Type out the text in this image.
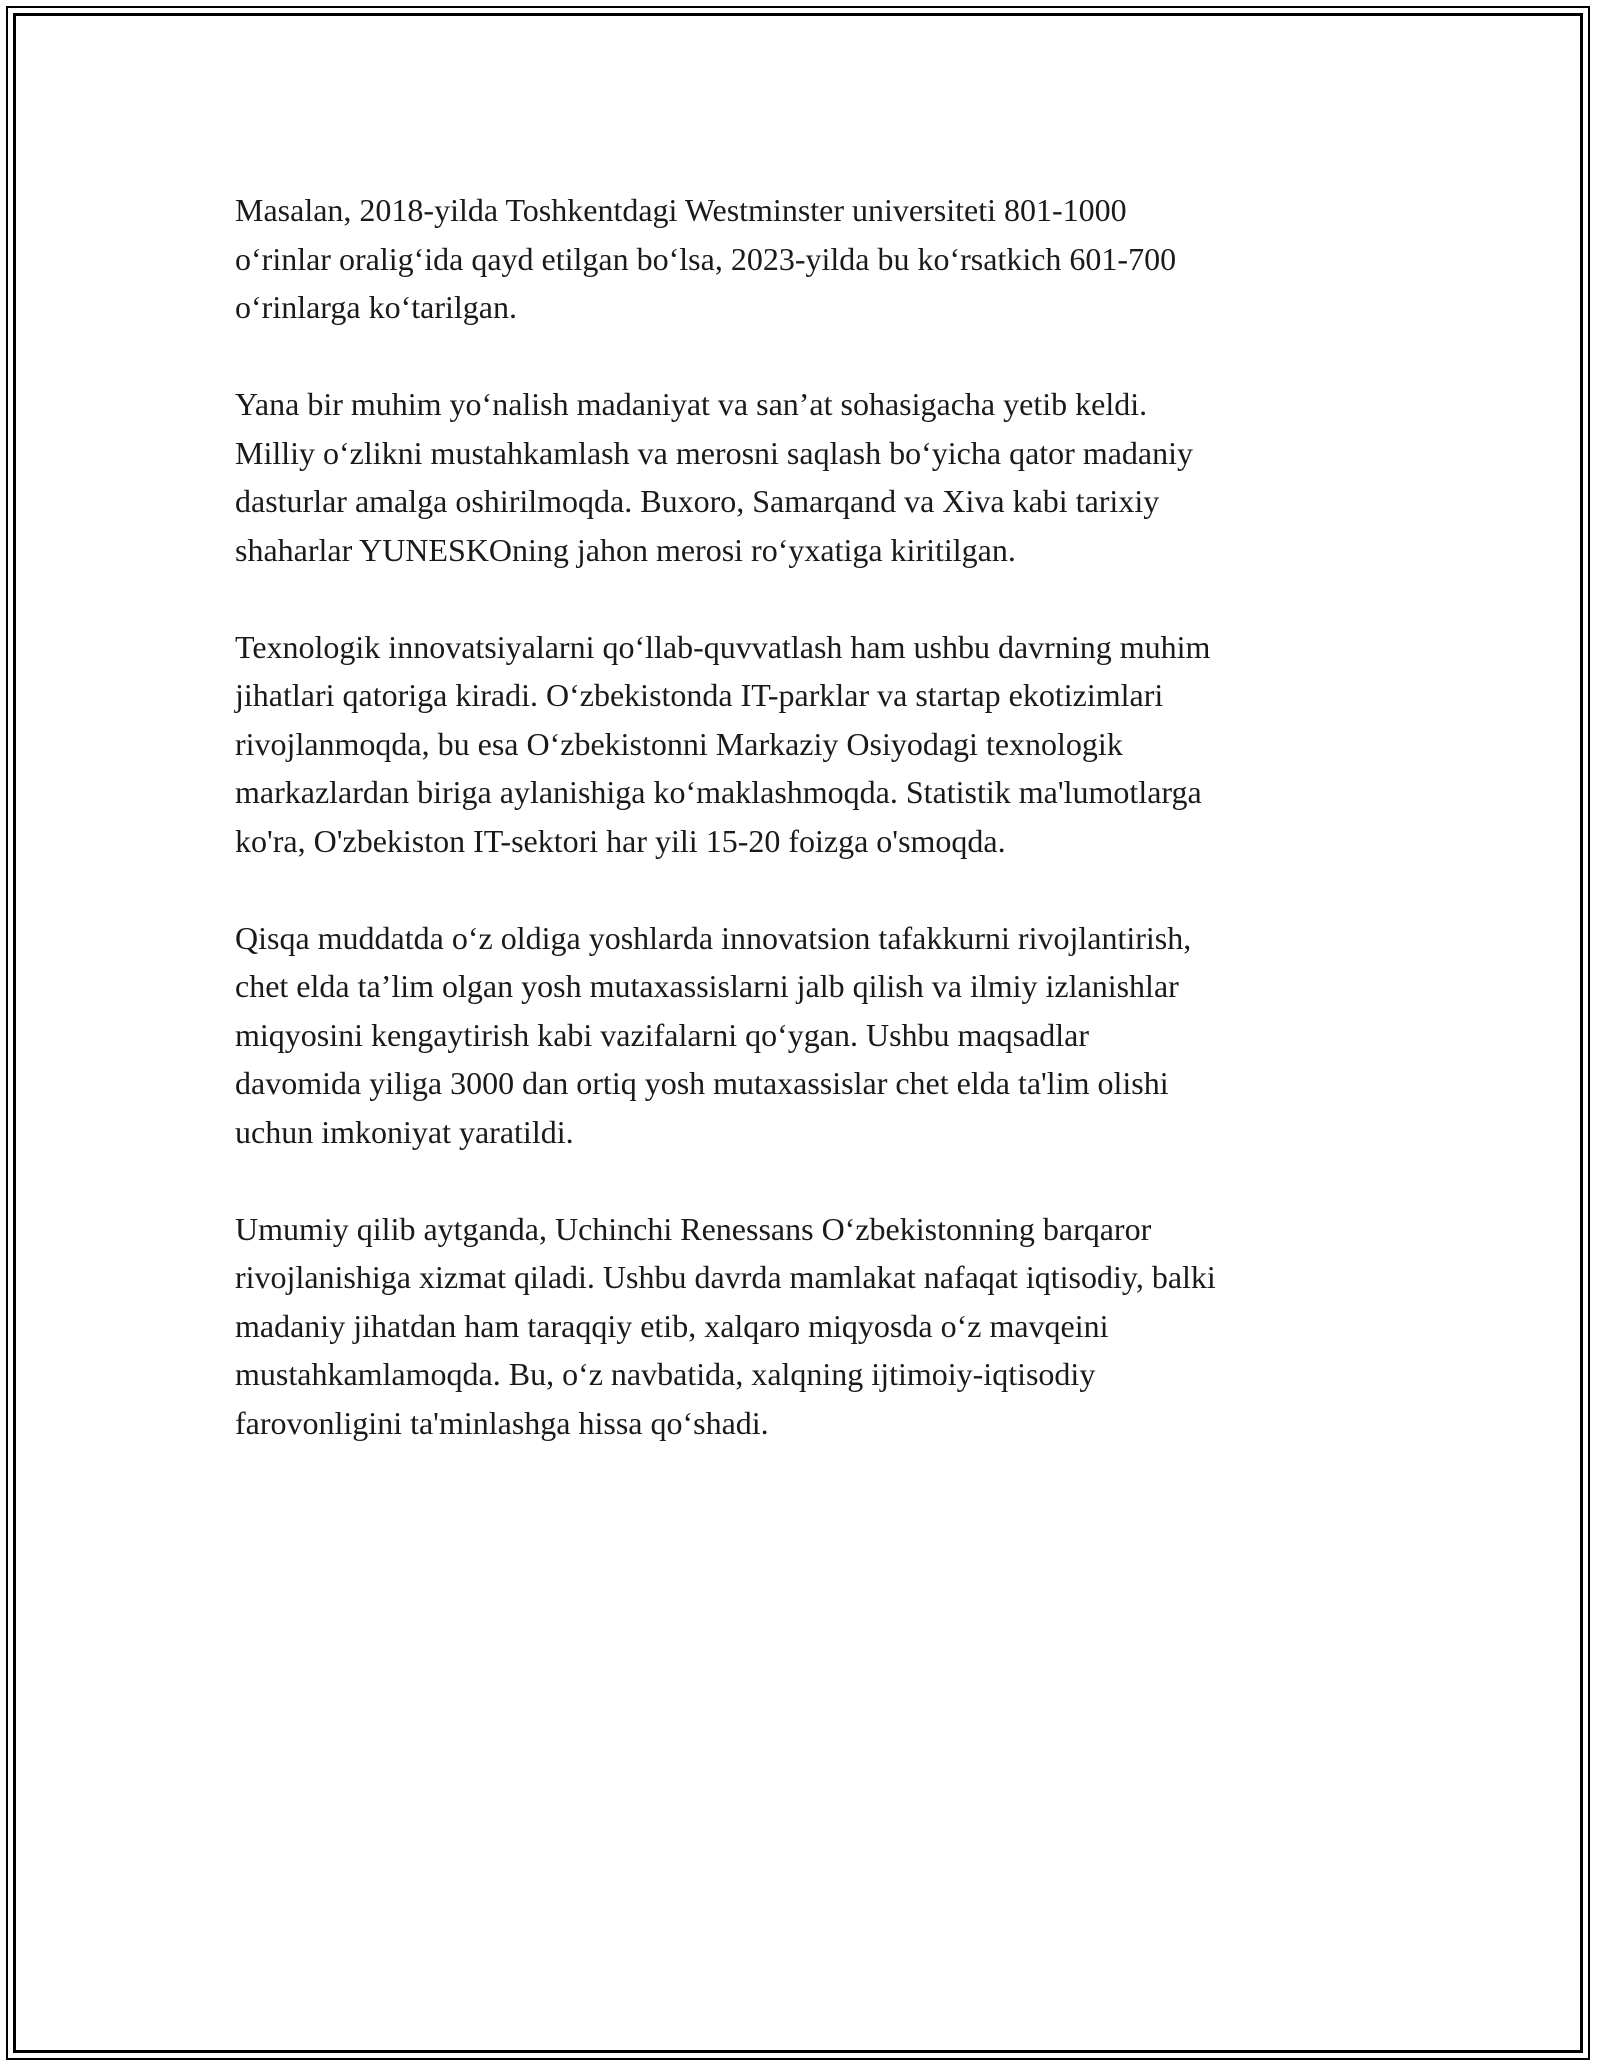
Masalan, 2018-yilda Toshkentdagi Westminster universiteti 801-1000
o‘rinlar oralig‘ida qayd etilgan bo‘lsa, 2023-yilda bu ko‘rsatkich 601-700
o‘rinlarga ko‘tarilgan.

Yana bir muhim yo‘nalish madaniyat va san’at sohasigacha yetib keldi.
Milliy o‘zlikni mustahkamlash va merosni saqlash bo‘yicha qator madaniy
dasturlar amalga oshirilmoqda. Buxoro, Samarqand va Xiva kabi tarixiy
shaharlar YUNESKOning jahon merosi ro‘yxatiga kiritilgan.

Texnologik innovatsiyalarni qo‘llab-quvvatlash ham ushbu davrning muhim
jihatlari qatoriga kiradi. O‘zbekistonda IT-parklar va startap ekotizimlari
rivojlanmoqda, bu esa O‘zbekistonni Markaziy Osiyodagi texnologik
markazlardan biriga aylanishiga ko‘maklashmoqda. Statistik ma'lumotlarga
ko'ra, O'zbekiston IT-sektori har yili 15-20 foizga o'smoqda.

Qisqa muddatda o‘z oldiga yoshlarda innovatsion tafakkurni rivojlantirish,
chet elda ta’lim olgan yosh mutaxassislarni jalb qilish va ilmiy izlanishlar
miqyosini kengaytirish kabi vazifalarni qo‘ygan. Ushbu maqsadlar
davomida yiliga 3000 dan ortiq yosh mutaxassislar chet elda ta'lim olishi
uchun imkoniyat yaratildi.

Umumiy qilib aytganda, Uchinchi Renessans O‘zbekistonning barqaror
rivojlanishiga xizmat qiladi. Ushbu davrda mamlakat nafaqat iqtisodiy, balki
madaniy jihatdan ham taraqqiy etib, xalqaro miqyosda o‘z mavqeini
mustahkamlamoqda. Bu, o‘z navbatida, xalqning ijtimoiy-iqtisodiy
farovonligini ta'minlashga hissa qo‘shadi.
